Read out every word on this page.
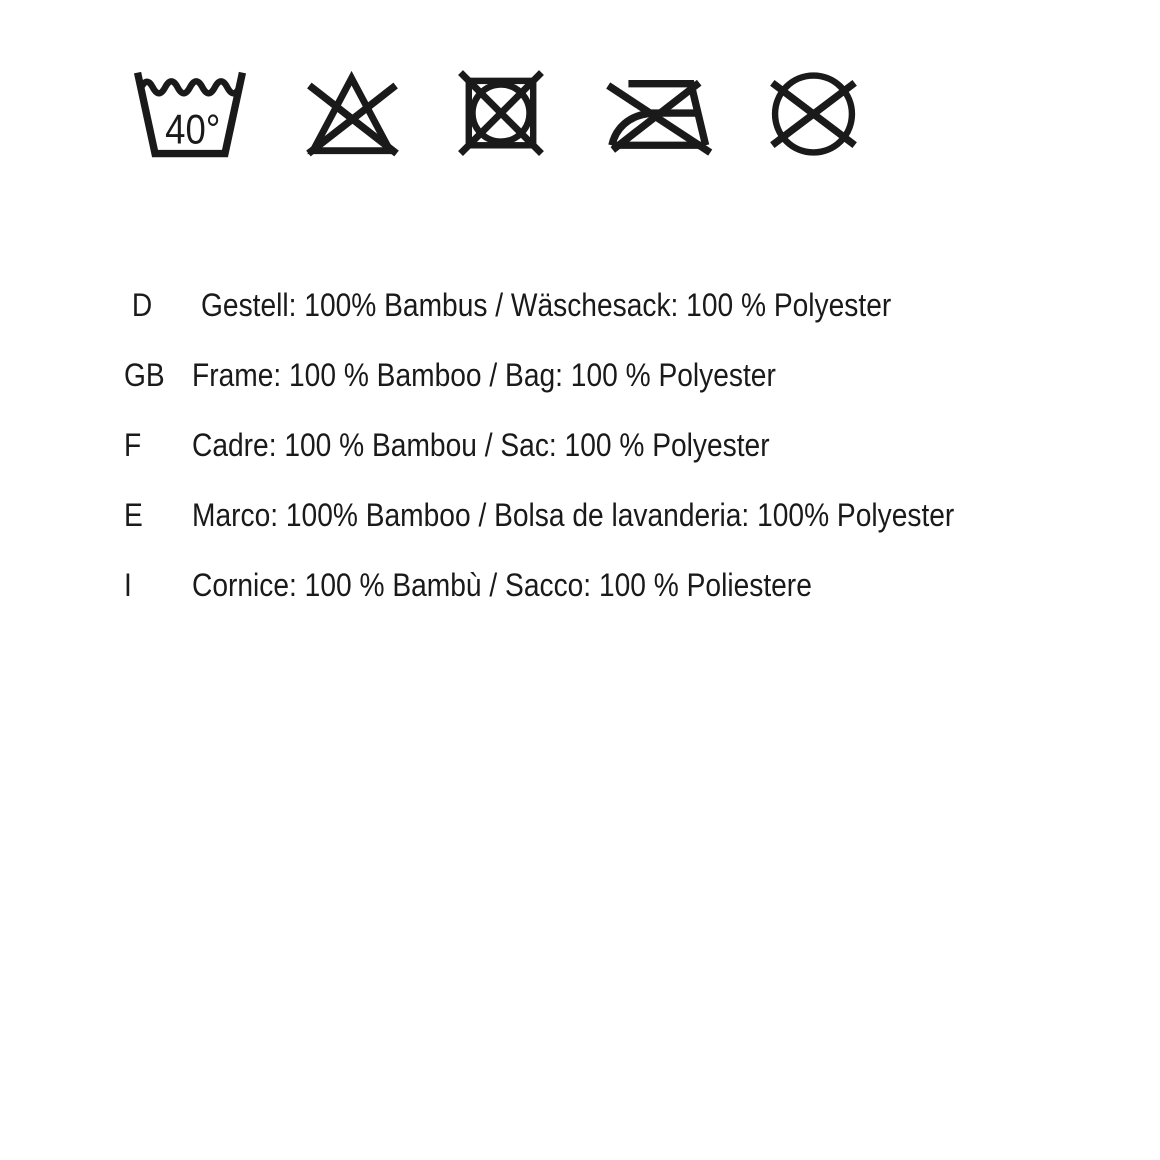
40°
D	Gestell: 100% Bambus / Wäschesack: 100 % Polyester
GB Frame: 100 % Bamboo / Bag: 100 % Polyester
F	Cadre: 100 % Bambou / Sac: 100 % Polyester
E	Marco: 100% Bamboo / Bolsa de lavanderia: 100% Polyester
I	Cornice: 100 % Bambù / Sacco: 100 % Poliestere
